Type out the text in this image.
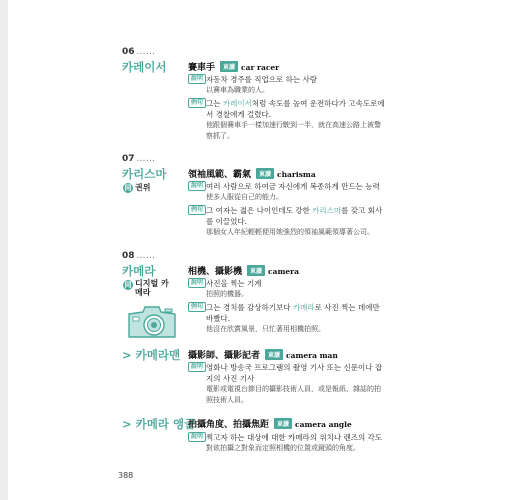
06 ……
카레이서 賽車手 東讀 car racer
說明 자동차 경주를 직업으로 하는 사람
以賽車為職業的人。
例句 그는 카레이서처럼 속도를 높여 운전하다가 고속도로에
서 경찰에게 걸렸다.
他跟個賽車手一樣加速行駛到一半，就在高速公路上被警
察抓了。
07 ……
카리스마
同 권위
領袖風範、霸氣 東讀 charisma
說明 여러 사람으로 하여금 자신에게 복종하게 만드는 능력
使多人服從自己的能力。
例句 그 여자는 젊은 나이인데도 강한 카리스마를 갖고 회사
를 이끌었다.
那個女人年紀輕輕便用她強烈的領袖風範領導著公司。
08 ……
카메라
同 디지털 카메라
相機、攝影機 東讀 camera
說明 사진을 찍는 기계
拍照的機器。
例句 그는 경치를 감상하기보다 카메라로 사진 찍는 데에만
바빴다.
他沒在欣賞風景，只忙著用相機拍照。
> 카메라맨 攝影師、攝影記者 東讀 camera man
說明 영화나 방송국 프로그램의 촬영 기사 또는 신문이나 잡
지의 사진 기사
電影或電視台節目的攝影技術人員，或是報紙、雜誌的拍
照技術人員。
> 카메라 앵글
拍攝角度、拍攝焦距 東讀 camera angle
說明 찍고자 하는 대상에 대한 카메라의 위치나 렌즈의 각도
對欲拍攝之對象而定照相機的位置或鏡頭的角度。
388
